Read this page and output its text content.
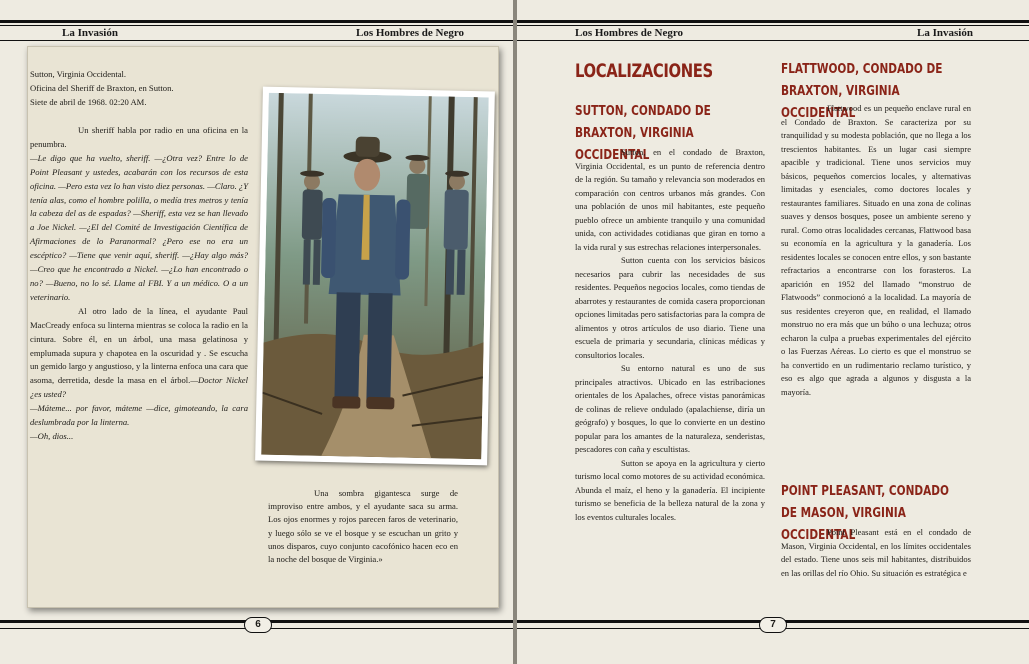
La Invasión	Los Hombres de Negro

Sutton, Virginia Occidental.

Oficina del Sheriff de Braxton, en Sutton.

Siete de abril de 1968. 02:20 AM.

Un sheriff habla por radio en una oficina en la penumbra.

—Le digo que ha vuelto, sheriff. —¿Otra vez? Entre lo de Point Pleasant y ustedes, acabarán con los recursos de esta oficina. —Pero esta vez lo han visto diez personas. —Claro. ¿Y tenía alas, como el hombre polilla, o medía tres metros y tenía la cabeza del as de espadas? —Sheriff, esta vez se han llevado a Joe Nickel. —¿El del Comité de Investigación Científica de Afirmaciones de lo Paranormal? ¿Pero ese no era un escéptico? —Tiene que venir aquí, sheriff. —¿Hay algo más? —Creo que he encontrado a Nickel. —¿Lo han encontrado o no? —Bueno, no lo sé. Llame al FBI. Y a un médico. O a un veterinario.

Al otro lado de la línea, el ayudante Paul MacCready enfoca su linterna mientras se coloca la radio en la cintura. Sobre él, en un árbol, una masa gelatinosa y emplumada supura y chapotea en la oscuridad y . Se escucha un gemido largo y angustioso, y la linterna enfoca una cara que asoma, derretida, desde la masa en el árbol.—Doctor Nickel ¿es usted?

—Máteme... por favor, máteme —dice, gimoteando, la cara deslumbrada por la linterna.

—Oh, dios...

Una sombra gigantesca surge de improviso entre ambos, y el ayudante saca su arma. Los ojos enormes y rojos parecen faros de veterinario, y luego sólo se ve el bosque y se escuchan un grito y unos disparos, cuyo conjunto cacofónico hacen eco en la noche del bosque de Virginia.»

6
Los Hombres de Negro	La Invasión
LOCALIZACIONES
SUTTON, CONDADO DE BRAXTON, VIRGINIA OCCIDENTAL

Sutton, en el condado de Braxton, Virginia Occidental, es un punto de referencia dentro de la región. Su tamaño y relevancia son moderados en comparación con centros urbanos más grandes. Con una población de unos mil habitantes, este pequeño pueblo ofrece un ambiente tranquilo y una comunidad unida, con actividades cotidianas que giran en torno a la vida rural y sus estrechas relaciones interpersonales.

Sutton cuenta con los servicios básicos necesarios para cubrir las necesidades de sus residentes. Pequeños negocios locales, como tiendas de abarrotes y restaurantes de comida casera proporcionan opciones limitadas pero satisfactorias para la compra de alimentos y otros artículos de uso diario. Tiene una escuela de primaria y secundaria, clínicas médicas y consultorios locales.

Su entorno natural es uno de sus principales atractivos. Ubicado en las estribaciones orientales de los Apalaches, ofrece vistas panorámicas de colinas de relieve ondulado (apalachiense, diría un geógrafo) y bosques, lo que lo convierte en un destino popular para los amantes de la naturaleza, senderistas, pescadores con caña y escultistas.

Sutton se apoya en la agricultura y cierto turismo local como motores de su actividad económica. Abunda el maíz, el heno y la ganadería. El incipiente turismo se beneficia de la belleza natural de la zona y los eventos culturales locales.

FLATTWOOD, CONDADO DE BRAXTON, VIRGINIA OCCIDENTAL

Flattwood es un pequeño enclave rural en el Condado de Braxton. Se caracteriza por su tranquilidad y su modesta población, que no llega a los trescientos habitantes. Es un lugar casi siempre apacible y tradicional. Tiene unos servicios muy básicos, pequeños comercios locales, y alternativas limitadas y esenciales, como doctores locales y restaurantes familiares. Situado en una zona de colinas suaves y densos bosques, posee un ambiente sereno y rural. Como otras localidades cercanas, Flattwood basa su economía en la agricultura y la ganadería. Los residentes locales se conocen entre ellos, y son bastante refractarios a encontrarse con los forasteros. La aparición en 1952 del llamado “monstruo de Flatwoods” conmocionó a la localidad. La mayoría de sus residentes creyeron que, en realidad, el llamado monstruo no era más que un búho o una lechuza; otros echaron la culpa a pruebas experimentales del ejército o las Fuerzas Aéreas. Lo cierto es que el monstruo se ha convertido en un rudimentario reclamo turístico, y eso es algo que agrada a algunos y disgusta a la mayoría.

POINT PLEASANT, CONDADO DE MASON, VIRGINIA OCCIDENTAL

Point Pleasant está en el condado de Mason, Virginia Occidental, en los límites occidentales del estado. Tiene unos seis mil habitantes, distribuidos en las orillas del río Ohio. Su situación es estratégica e

7
